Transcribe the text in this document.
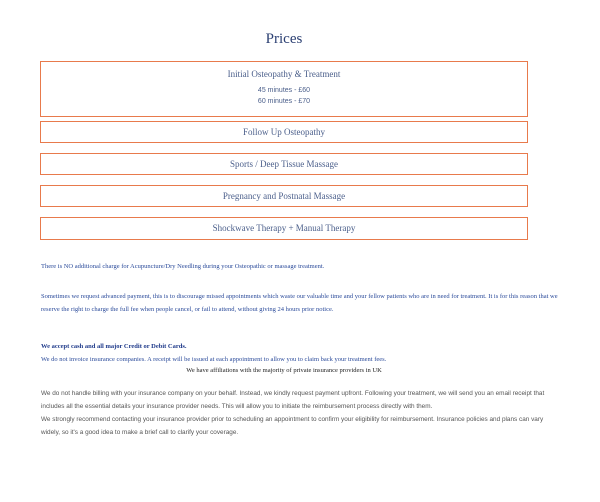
Prices
Initial Osteopathy & Treatment
45 minutes - £60
60 minutes - £70
Follow Up Osteopathy
Sports / Deep Tissue Massage
Pregnancy and Postnatal Massage
Shockwave Therapy + Manual Therapy

There is NO additional charge for Acupuncture/Dry Needling during your Osteopathic or massage treatment.

Sometimes we request advanced payment, this is to discourage missed appointments which waste our valuable time and your fellow patients who are in need for treatment. It is for this reason that we reserve the right to charge the full fee when people cancel, or fail to attend, without giving 24 hours prior notice.

We accept cash and all major Credit or Debit Cards.

We do not invoice insurance companies. A receipt will be issued at each appointment to allow you to claim back your treatment fees.

We have affiliations with the majority of private insurance providers in UK

We do not handle billing with your insurance company on your behalf. Instead, we kindly request payment upfront. Following your treatment, we will send you an email receipt that includes all the essential details your insurance provider needs. This will allow you to initiate the reimbursement process directly with them.

We strongly recommend contacting your insurance provider prior to scheduling an appointment to confirm your eligibility for reimbursement. Insurance policies and plans can vary widely, so it's a good idea to make a brief call to clarify your coverage.
